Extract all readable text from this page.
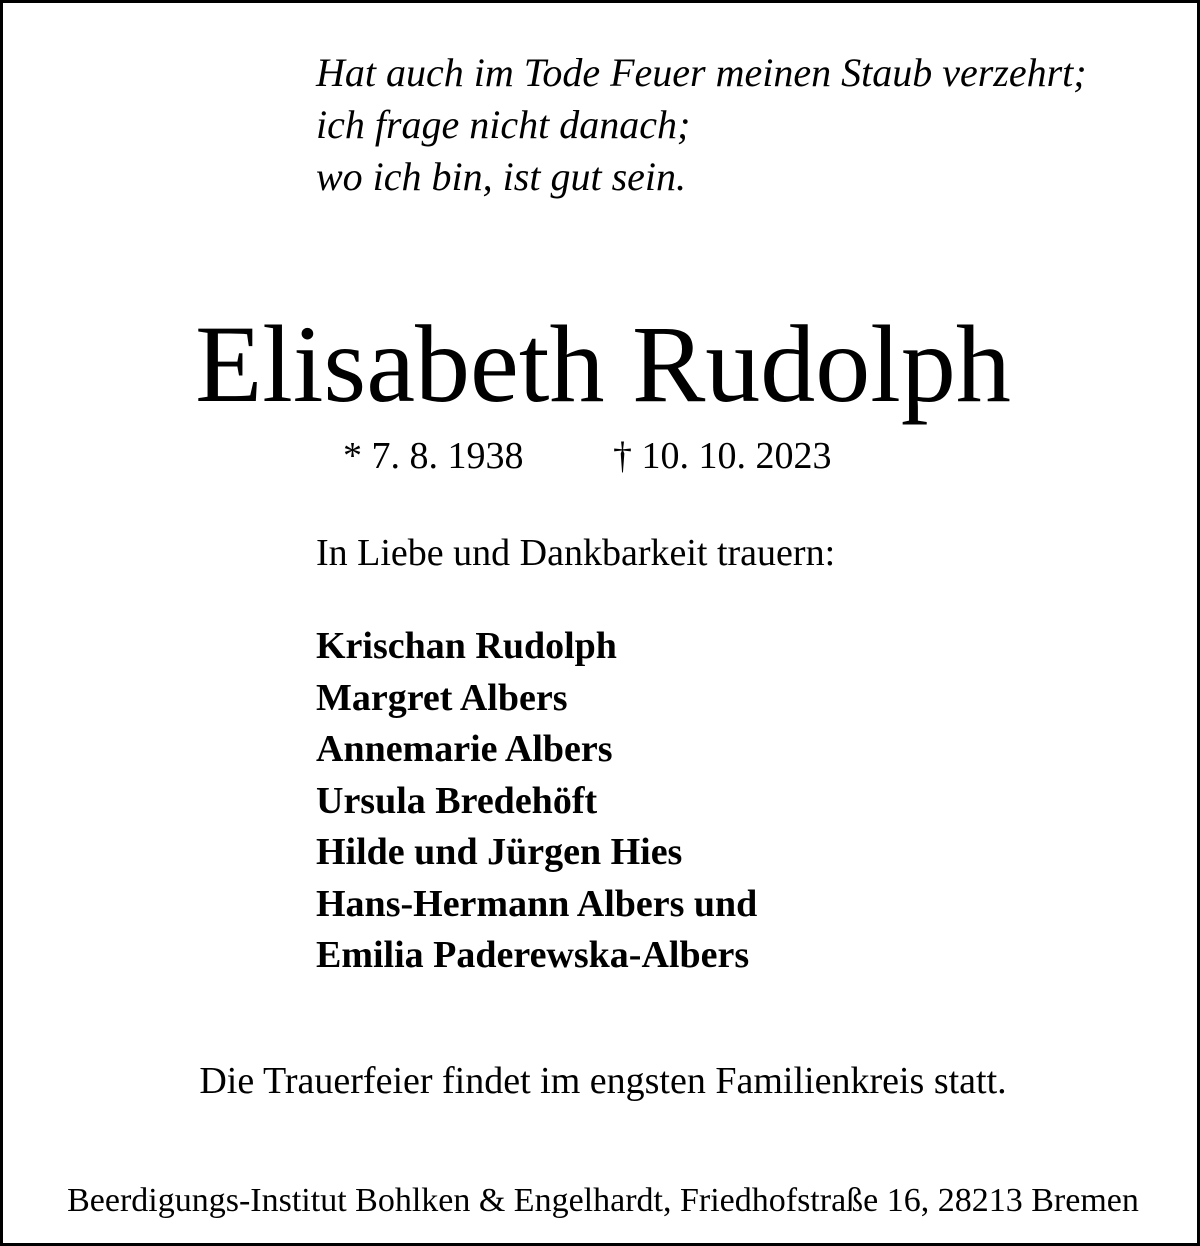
Hat auch im Tode Feuer meinen Staub verzehrt;
ich frage nicht danach;
wo ich bin, ist gut sein.
Elisabeth Rudolph
* 7. 8. 1938 † 10. 10. 2023
In Liebe und Dankbarkeit trauern:
Krischan Rudolph
Margret Albers
Annemarie Albers
Ursula Bredehöft
Hilde und Jürgen Hies
Hans-Hermann Albers und
Emilia Paderewska-Albers
Die Trauerfeier findet im engsten Familienkreis statt.
Beerdigungs-Institut Bohlken & Engelhardt, Friedhofstraße 16, 28213 Bremen
